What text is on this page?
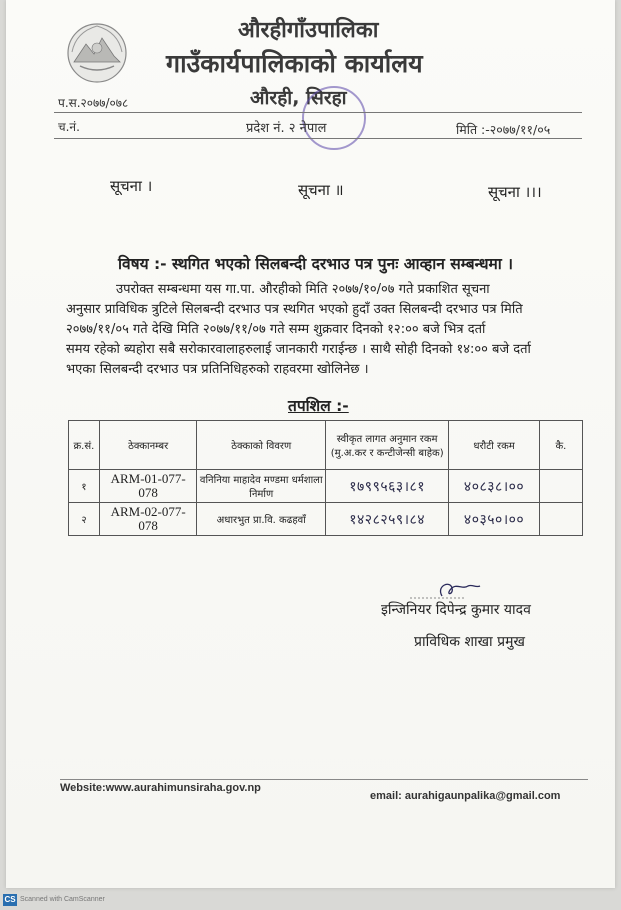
औरहीगाँउपालिका
गाउँकार्यपालिकाको कार्यालय
औरही, सिरहा
प.स.२०७७/०७८
च.नं.	प्रदेश नं. २ नेपाल	मिति :-२०७७/११/०५
सूचना ।	सूचना ॥	सूचना ।।।
विषय :- स्थगित भएको सिलबन्दी दरभाउ पत्र पुनः आव्हान सम्बन्धमा ।
उपरोक्त सम्बन्धमा यस गा.पा. औरहीको मिति २०७७/१०/०७ गते प्रकाशित सूचना
अनुसार प्राविधिक त्रुटिले सिलबन्दी दरभाउ पत्र स्थगित भएको हुदाँ उक्त सिलबन्दी दरभाउ पत्र मिति
२०७७/११/०५ गते देखि मिति २०७७/११/०७ गते सम्म शुक्रवार दिनको १२:०० बजे भित्र दर्ता
समय रहेको ब्यहोरा सबै सरोकारवालाहरुलाई जानकारी गराईन्छ । साथै सोही दिनको १४:०० बजे दर्ता
भएका सिलबन्दी दरभाउ पत्र प्रतिनिधिहरुको राहवरमा खोलिनेछ ।
तपशिल :-
क्र.सं.	ठेक्कानम्बर	ठेक्काको विवरण	स्वीकृत लागत अनुमान रकम (मु.अ.कर र कन्टीजेन्सी बाहेक)	धरौटी रकम	कै.
१	ARM-01-077-078	वनिनिया माहादेव मण्डमा धर्मशाला निर्माण	१७९९५६३।८१	४०८३८।००	
२	ARM-02-077-078	अधारभुत प्रा.वि. कढहवाँ	१४२८२५९।८४	४०३५०।००	
इन्जिनियर दिपेन्द्र कुमार यादव
प्राविधिक शाखा प्रमुख
Website:www.aurahimunsiraha.gov.np
email: aurahigaunpalika@gmail.com
CS Scanned with CamScanner
